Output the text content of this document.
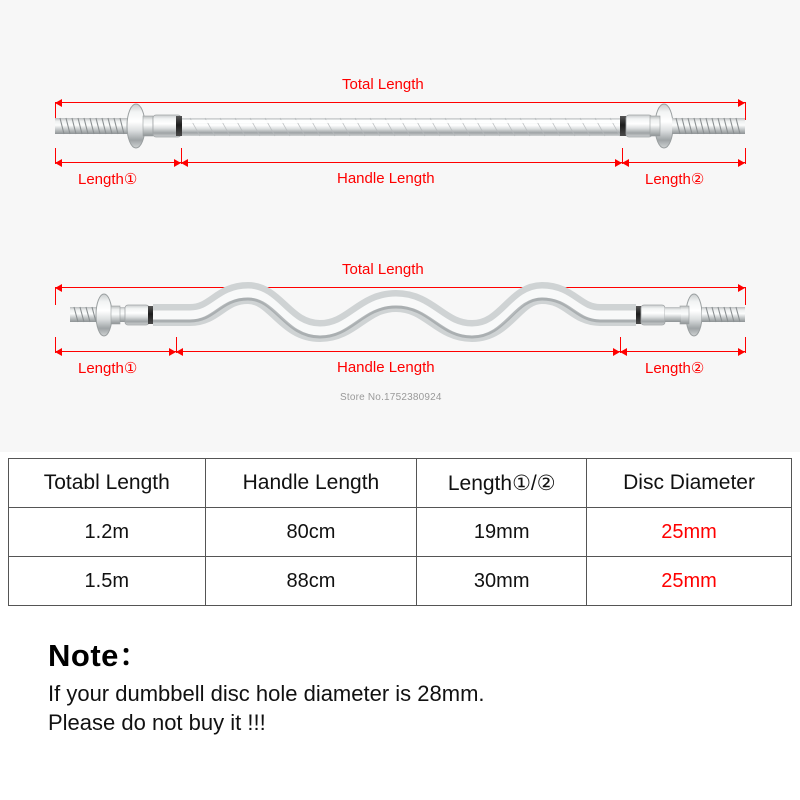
Total Length
Length①	Handle Length	Length②
Total Length
Length①	Handle Length	Length②
Store No.1752380924
Totabl Length	Handle Length	Length①/②	Disc Diameter
1.2m	80cm	19mm	25mm
1.5m	88cm	30mm	25mm
Note：
If your dumbbell disc hole diameter is 28mm.
Please do not buy it !!!
